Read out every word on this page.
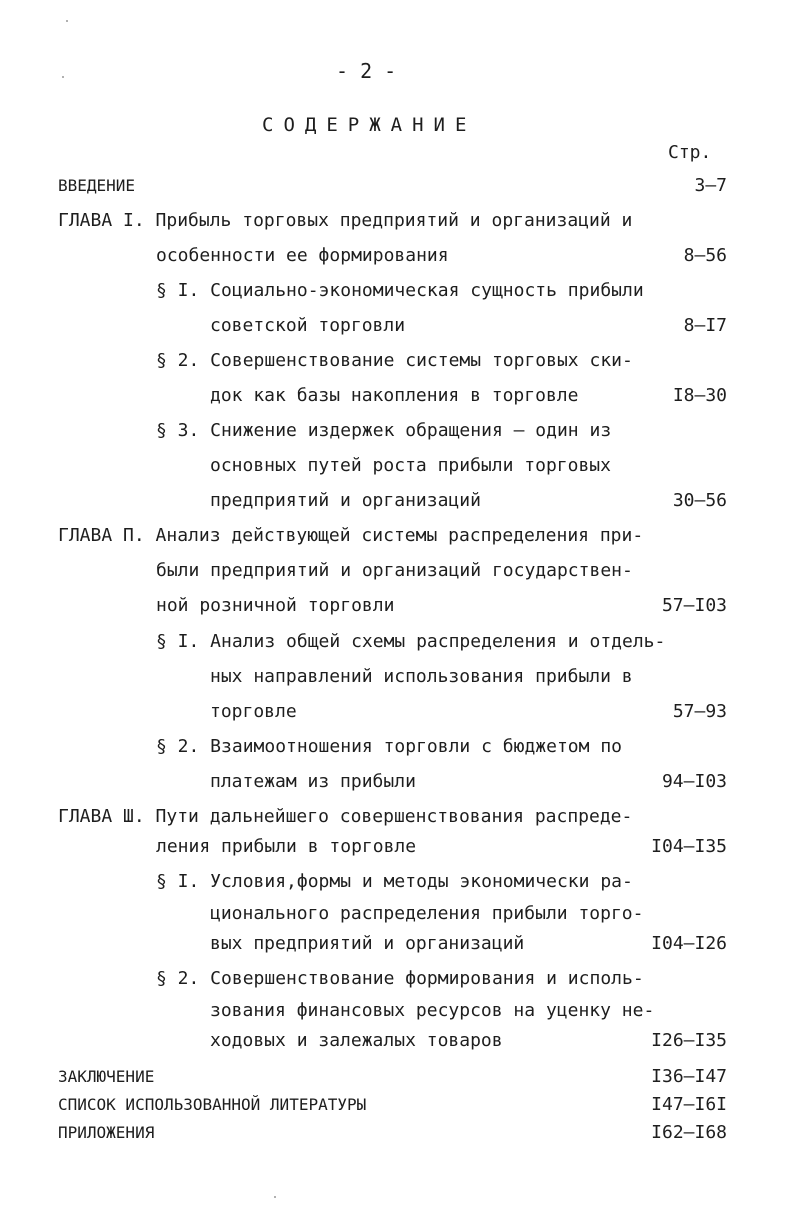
- 2 -
СОДЕРЖАНИЕ
Стр.
ВВЕДЕНИЕ	3–7
ГЛАВА I. Прибыль торговых предприятий и организаций и
особенности ее формирования	8–56
§ I. Социально-экономическая сущность прибыли
советской торговли	8–I7
§ 2. Совершенствование системы торговых ски-
док как базы накопления в торговле	I8–30
§ 3. Снижение издержек обращения – один из
основных путей роста прибыли торговых
предприятий и организаций	30–56
ГЛАВА П. Анализ действующей системы распределения при-
были предприятий и организаций государствен-
ной розничной торговли	57–I03
§ I. Анализ общей схемы распределения и отдель-
ных направлений использования прибыли в
торговле	57–93
§ 2. Взаимоотношения торговли с бюджетом по
платежам из прибыли	94–I03
ГЛАВА Ш. Пути дальнейшего совершенствования распреде-
ления прибыли в торговле	I04–I35
§ I. Условия,формы и методы экономически ра-
ционального распределения прибыли торго-
вых предприятий и организаций	I04–I26
§ 2. Совершенствование формирования и исполь-
зования финансовых ресурсов на уценку не-
ходовых и залежалых товаров	I26–I35
ЗАКЛЮЧЕНИЕ	I36–I47
СПИСОК ИСПОЛЬЗОВАННОЙ ЛИТЕРАТУРЫ	I47–I6I
ПРИЛОЖЕНИЯ	I62–I68
